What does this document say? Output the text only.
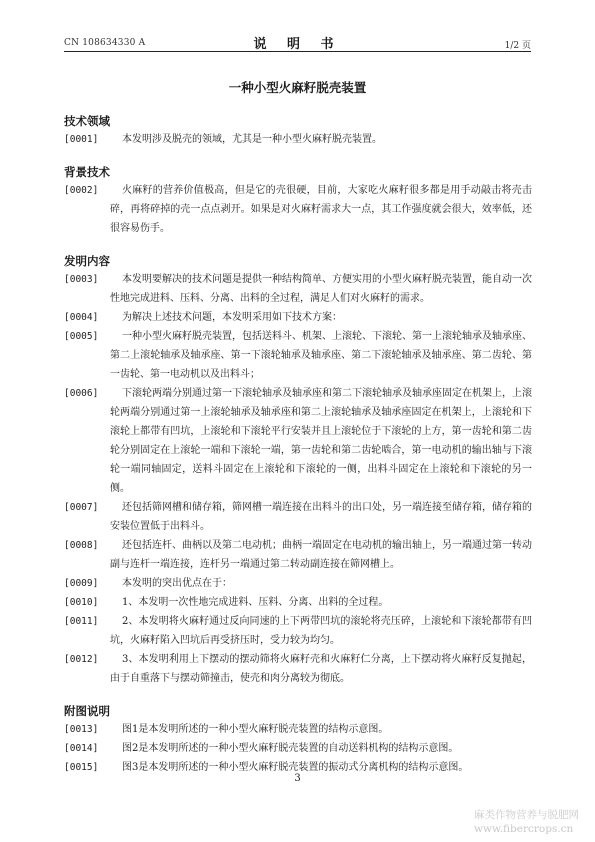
CN 108634330 A	说 明 书	1/2 页
一种小型火麻籽脱壳装置
技术领域
[0001] 本发明涉及脱壳的领域，尤其是一种小型火麻籽脱壳装置。
背景技术
[0002] 火麻籽的营养价值极高，但是它的壳很硬，目前，大家吃火麻籽很多都是用手动敲击将壳击碎，再将碎掉的壳一点点剥开。如果是对火麻籽需求大一点，其工作强度就会很大，效率低，还很容易伤手。
发明内容
[0003] 本发明要解决的技术问题是提供一种结构简单、方便实用的小型火麻籽脱壳装置，能自动一次性地完成进料、压料、分离、出料的全过程，满足人们对火麻籽的需求。
[0004] 为解决上述技术问题，本发明采用如下技术方案：
[0005] 一种小型火麻籽脱壳装置，包括送料斗、机架、上滚轮、下滚轮、第一上滚轮轴承及轴承座、第二上滚轮轴承及轴承座、第一下滚轮轴承及轴承座、第二下滚轮轴承及轴承座、第二齿轮、第一齿轮、第一电动机以及出料斗；
[0006] 下滚轮两端分别通过第一下滚轮轴承及轴承座和第二下滚轮轴承及轴承座固定在机架上，上滚轮两端分别通过第一上滚轮轴承及轴承座和第二上滚轮轴承及轴承座固定在机架上，上滚轮和下滚轮上都带有凹坑，上滚轮和下滚轮平行安装并且上滚轮位于下滚轮的上方，第一齿轮和第二齿轮分别固定在上滚轮一端和下滚轮一端，第一齿轮和第二齿轮啮合，第一电动机的输出轴与下滚轮一端同轴固定，送料斗固定在上滚轮和下滚轮的一侧，出料斗固定在上滚轮和下滚轮的另一侧。
[0007] 还包括筛网槽和储存箱，筛网槽一端连接在出料斗的出口处，另一端连接至储存箱，储存箱的安装位置低于出料斗。
[0008] 还包括连杆、曲柄以及第二电动机；曲柄一端固定在电动机的输出轴上，另一端通过第一转动副与连杆一端连接，连杆另一端通过第二转动副连接在筛网槽上。
[0009] 本发明的突出优点在于：
[0010] 1、本发明一次性地完成进料、压料、分离、出料的全过程。
[0011] 2、本发明将火麻籽通过反向同速的上下两带凹坑的滚轮将壳压碎，上滚轮和下滚轮都带有凹坑，火麻籽陷入凹坑后再受挤压时，受力较为均匀。
[0012] 3、本发明利用上下摆动的摆动筛将火麻籽壳和火麻籽仁分离，上下摆动将火麻籽反复抛起，由于自重落下与摆动筛撞击，使壳和肉分离较为彻底。
附图说明
[0013] 图1是本发明所述的一种小型火麻籽脱壳装置的结构示意图。
[0014] 图2是本发明所述的一种小型火麻籽脱壳装置的自动送料机构的结构示意图。
[0015] 图3是本发明所述的一种小型火麻籽脱壳装置的振动式分离机构的结构示意图。
3
麻类作物营养与脱肥网
www.fibercrops.cn
